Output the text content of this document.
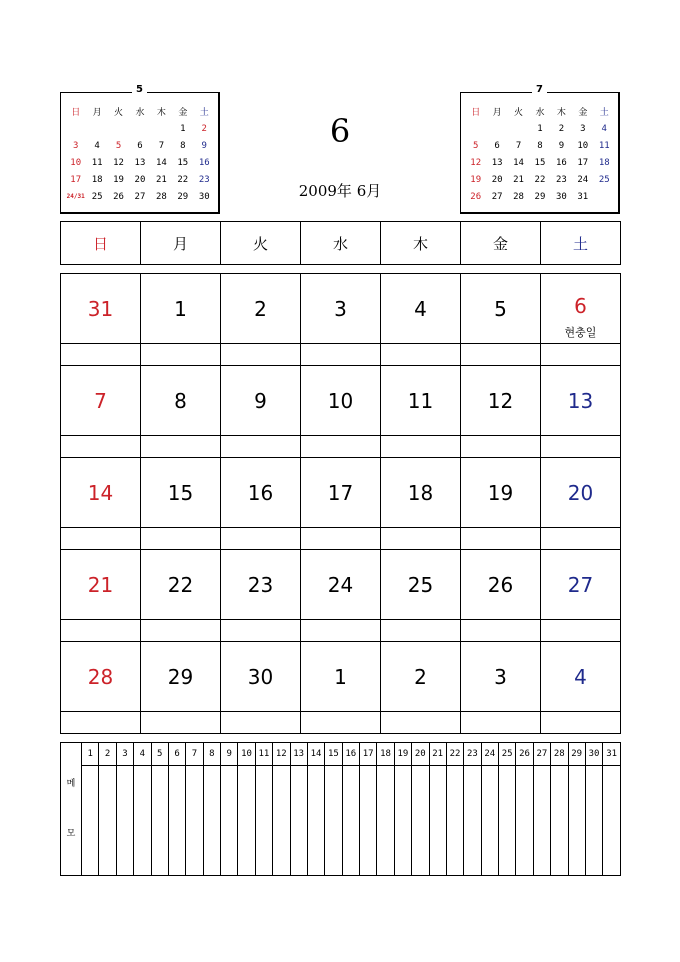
5
日	月	火	水	木	金	土
					1	2
3	4	5	6	7	8	9
10	11	12	13	14	15	16
17	18	19	20	21	22	23
24/31	25	26	27	28	29	30
7
日	月	火	水	木	金	土
			1	2	3	4
5	6	7	8	9	10	11
12	13	14	15	16	17	18
19	20	21	22	23	24	25
26	27	28	29	30	31	
6
2009年 6月
日	月	火	水	木	金	土
31	1	2	3	4	5	6
현충일

7	8	9	10	11	12	13

14	15	16	17	18	19	20

21	22	23	24	25	26	27

28	29	30	1	2	3	4

메
모	1	2	3	4	5	6	7	8	9	10	11	12	13	14	15	16	17	18	19	20	21	22	23	24	25	26	27	28	29	30	31
